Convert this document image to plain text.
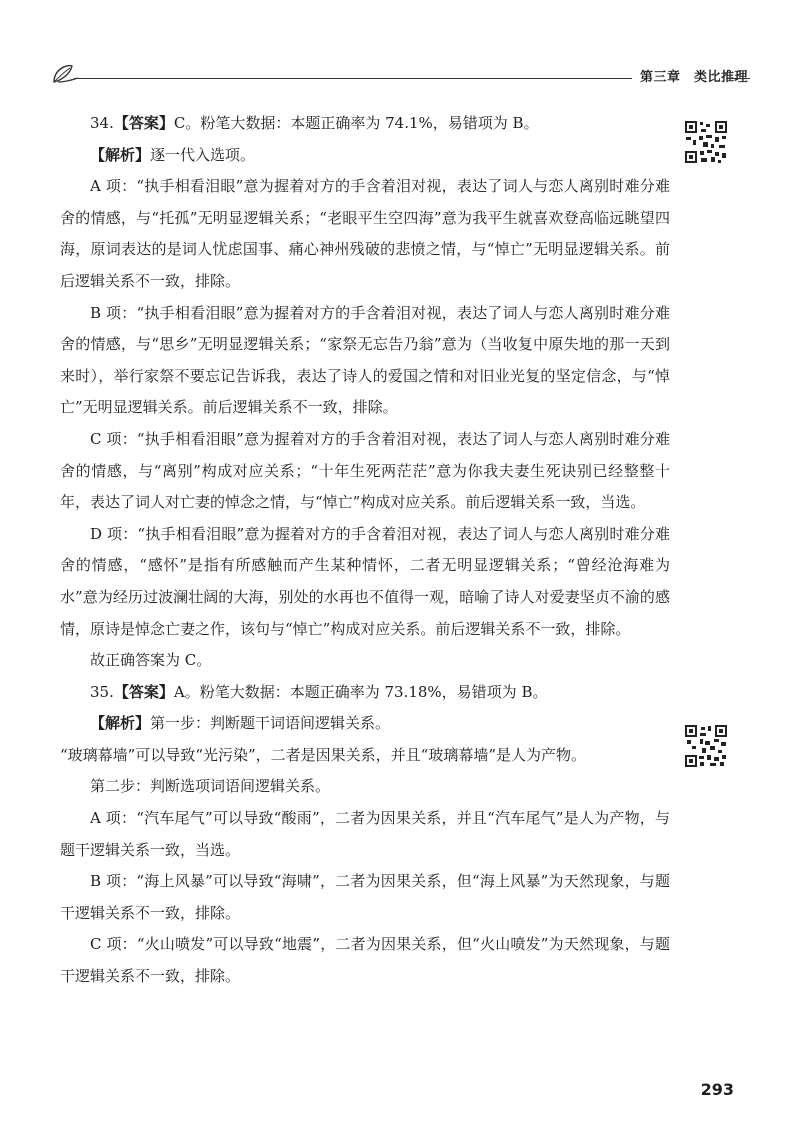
第三章　类比推理

34.【答案】C。粉笔大数据：本题正确率为 74.1%，易错项为 B。

【解析】逐一代入选项。

A 项：“执手相看泪眼”意为握着对方的手含着泪对视，表达了词人与恋人离别时难分难舍的情感，与“托孤”无明显逻辑关系；“老眼平生空四海”意为我平生就喜欢登高临远眺望四海，原词表达的是词人忧虑国事、痛心神州残破的悲愤之情，与“悼亡”无明显逻辑关系。前后逻辑关系不一致，排除。

B 项：“执手相看泪眼”意为握着对方的手含着泪对视，表达了词人与恋人离别时难分难舍的情感，与“思乡”无明显逻辑关系；“家祭无忘告乃翁”意为（当收复中原失地的那一天到来时），举行家祭不要忘记告诉我，表达了诗人的爱国之情和对旧业光复的坚定信念，与“悼亡”无明显逻辑关系。前后逻辑关系不一致，排除。

C 项：“执手相看泪眼”意为握着对方的手含着泪对视，表达了词人与恋人离别时难分难舍的情感，与“离别”构成对应关系；“十年生死两茫茫”意为你我夫妻生死诀别已经整整十年，表达了词人对亡妻的悼念之情，与“悼亡”构成对应关系。前后逻辑关系一致，当选。

D 项：“执手相看泪眼”意为握着对方的手含着泪对视，表达了词人与恋人离别时难分难舍的情感，“感怀”是指有所感触而产生某种情怀，二者无明显逻辑关系；“曾经沧海难为水”意为经历过波澜壮阔的大海，别处的水再也不值得一观，暗喻了诗人对爱妻坚贞不渝的感情，原诗是悼念亡妻之作，该句与“悼亡”构成对应关系。前后逻辑关系不一致，排除。

故正确答案为 C。

35.【答案】A。粉笔大数据：本题正确率为 73.18%，易错项为 B。

【解析】第一步：判断题干词语间逻辑关系。

“玻璃幕墙”可以导致“光污染”，二者是因果关系，并且“玻璃幕墙”是人为产物。

第二步：判断选项词语间逻辑关系。

A 项：“汽车尾气”可以导致“酸雨”，二者为因果关系，并且“汽车尾气”是人为产物，与题干逻辑关系一致，当选。

B 项：“海上风暴”可以导致“海啸”，二者为因果关系，但“海上风暴”为天然现象，与题干逻辑关系不一致，排除。

C 项：“火山喷发”可以导致“地震”，二者为因果关系，但“火山喷发”为天然现象，与题干逻辑关系不一致，排除。

293
